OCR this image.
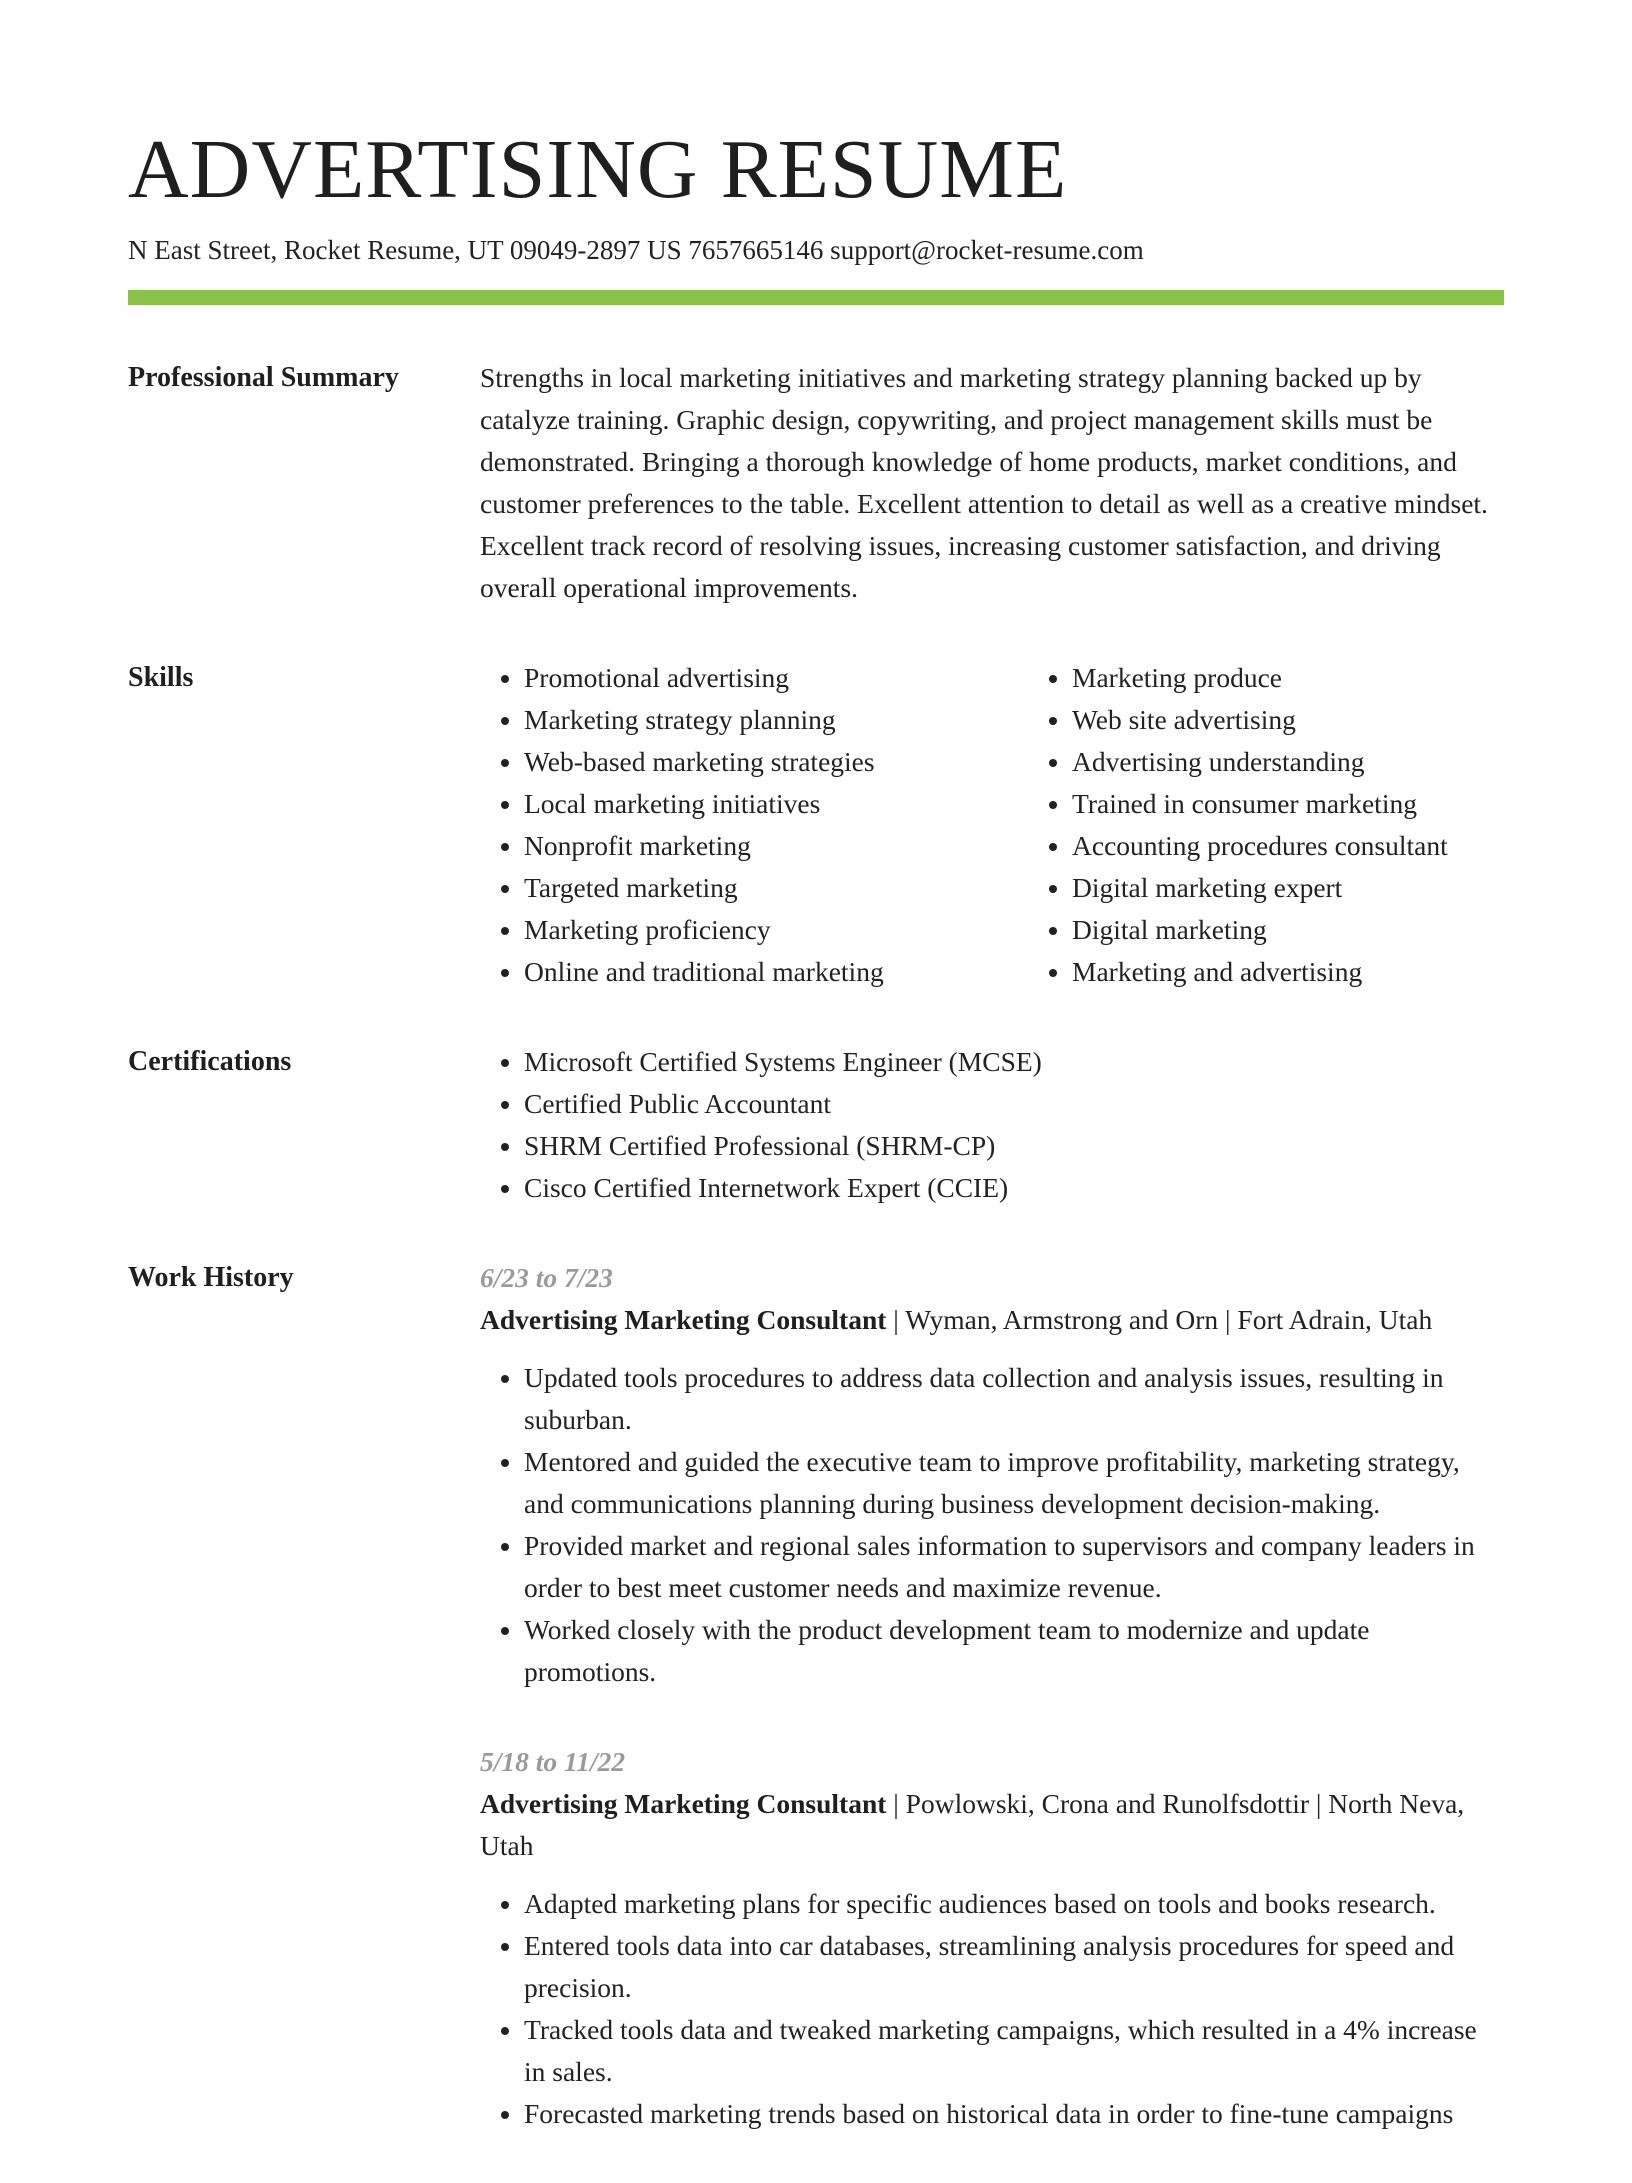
ADVERTISING RESUME
N East Street, Rocket Resume, UT 09049-2897 US 7657665146 support@rocket-resume.com
Professional Summary	Strengths in local marketing initiatives and marketing strategy planning backed up by catalyze training. Graphic design, copywriting, and project management skills must be demonstrated. Bringing a thorough knowledge of home products, market conditions, and customer preferences to the table. Excellent attention to detail as well as a creative mindset. Excellent track record of resolving issues, increasing customer satisfaction, and driving overall operational improvements.

Skills	• Promotional advertising
• Marketing strategy planning
• Web-based marketing strategies
• Local marketing initiatives
• Nonprofit marketing
• Targeted marketing
• Marketing proficiency
• Online and traditional marketing
• Marketing produce
• Web site advertising
• Advertising understanding
• Trained in consumer marketing
• Accounting procedures consultant
• Digital marketing expert
• Digital marketing
• Marketing and advertising
Certifications	• Microsoft Certified Systems Engineer (MCSE)
• Certified Public Accountant
• SHRM Certified Professional (SHRM-CP)
• Cisco Certified Internetwork Expert (CCIE)
Work History	6/23 to 7/23
Advertising Marketing Consultant | Wyman, Armstrong and Orn | Fort Adrain, Utah
• Updated tools procedures to address data collection and analysis issues, resulting in suburban.
• Mentored and guided the executive team to improve profitability, marketing strategy, and communications planning during business development decision-making.
• Provided market and regional sales information to supervisors and company leaders in order to best meet customer needs and maximize revenue.
• Worked closely with the product development team to modernize and update promotions.
5/18 to 11/22
Advertising Marketing Consultant | Powlowski, Crona and Runolfsdottir | North Neva, Utah
• Adapted marketing plans for specific audiences based on tools and books research.
• Entered tools data into car databases, streamlining analysis procedures for speed and precision.
• Tracked tools data and tweaked marketing campaigns, which resulted in a 4% increase in sales.
• Forecasted marketing trends based on historical data in order to fine-tune campaigns
